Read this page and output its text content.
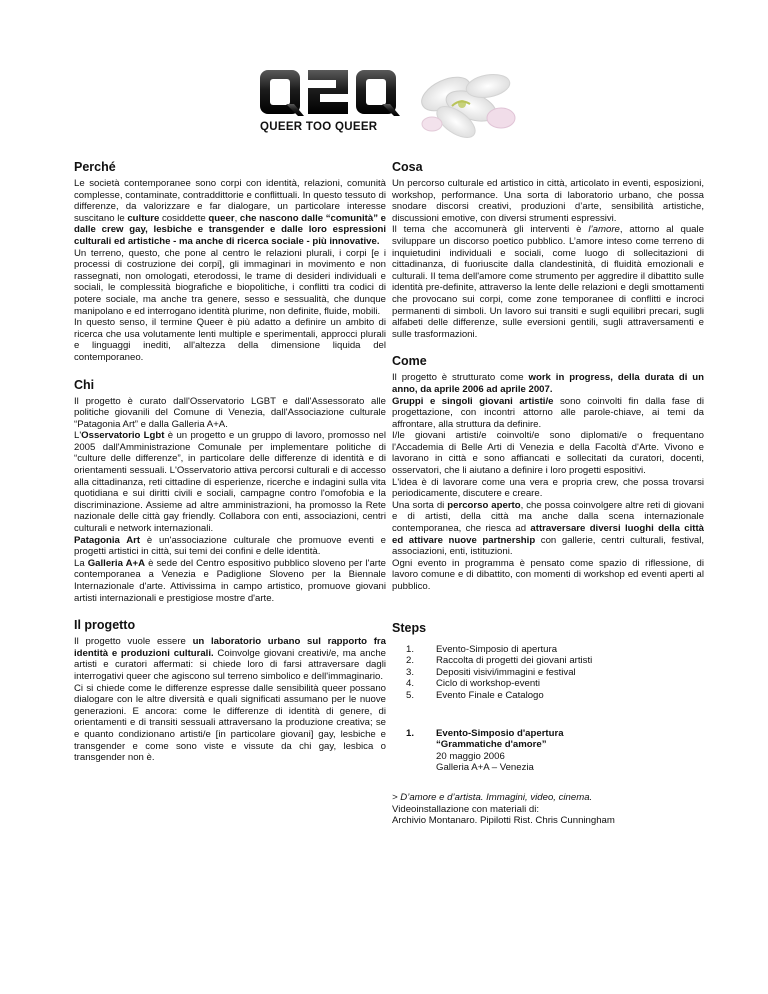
QUEER TOO QUEER
Perché

Le società contemporanee sono corpi con identità, relazioni, comunità complesse, contaminate, contraddittorie e conflittuali. In questo tessuto di differenze, da valorizzare e far dialogare, un particolare interesse suscitano le culture cosiddette queer, che nascono dalle “comunità” e dalle crew gay, lesbiche e transgender e dalle loro espressioni culturali ed artistiche - ma anche di ricerca sociale - più innovative.

Un terreno, questo, che pone al centro le relazioni plurali, i corpi [e i processi di costruzione dei corpi], gli immaginari in movimento e non rassegnati, non omologati, eterodossi, le trame di desideri individuali e sociali, le complessità biografiche e biopolitiche, i conflitti tra codici di potere sociale, ma anche tra genere, sesso e sessualità, che dunque manipolano e ed interrogano identità plurime, non definite, fluide, mobili.

In questo senso, il termine Queer è più adatto a definire un ambito di ricerca che usa volutamente lenti multiple e sperimentali, approcci plurali e linguaggi inediti, all'altezza della dimensione liquida del contemporaneo.

Chi

Il progetto è curato dall'Osservatorio LGBT e dall'Assessorato alle politiche giovanili del Comune di Venezia, dall'Associazione culturale “Patagonia Art” e dalla Galleria A+A.

L'Osservatorio Lgbt è un progetto e un gruppo di lavoro, promosso nel 2005 dall'Amministrazione Comunale per implementare politiche di “culture delle differenze”, in particolare delle differenze di identità e di orientamenti sessuali. L'Osservatorio attiva percorsi culturali e di accesso alla cittadinanza, reti cittadine di esperienze, ricerche e indagini sulla vita quotidiana e sui diritti civili e sociali, campagne contro l'omofobia e la discriminazione. Assieme ad altre amministrazioni, ha promosso la Rete nazionale delle città gay friendly. Collabora con enti, associazioni, centri culturali e network internazionali.

Patagonia Art è un'associazione culturale che promuove eventi e progetti artistici in città, sui temi dei confini e delle identità.

La Galleria A+A è sede del Centro espositivo pubblico sloveno per l'arte contemporanea a Venezia e Padiglione Sloveno per la Biennale Internazionale d'arte. Attivissima in campo artistico, promuove giovani artisti internazionali e prestigiose mostre d'arte.

Il progetto

Il progetto vuole essere un laboratorio urbano sul rapporto fra identità e produzioni culturali. Coinvolge giovani creativi/e, ma anche artisti e curatori affermati: si chiede loro di farsi attraversare dagli interrogativi queer che agiscono sul terreno simbolico e dell'immaginario.

Ci si chiede come le differenze espresse dalle sensibilità queer possano dialogare con le altre diversità e quali significati assumano per le nuove generazioni. E ancora: come le differenze di identità di genere, di orientamenti e di transiti sessuali attraversano la produzione creativa; se e quanto condizionano artisti/e [in particolare giovani] gay, lesbiche e transgender e come sono viste e vissute da chi gay, lesbica o transgender non è.

Cosa

Un percorso culturale ed artistico in città, articolato in eventi, esposizioni, workshop, performance. Una sorta di laboratorio urbano, che possa snodare discorsi creativi, produzioni d’arte, sensibilità artistiche, discussioni emotive, con diversi strumenti espressivi.

Il tema che accomunerà gli interventi è l’amore, attorno al quale sviluppare un discorso poetico pubblico. L’amore inteso come terreno di inquietudini individuali e sociali, come luogo di sollecitazioni di cittadinanza, di fuoriuscite dalla clandestinità, di fluidità emozionali e culturali. Il tema dell'amore come strumento per aggredire il dibattito sulle identità pre-definite, attraverso la lente delle relazioni e degli smottamenti che provocano sui corpi, come zone temporanee di conflitti e incroci permanenti di simboli. Un lavoro sui transiti e sugli equilibri precari, sugli alfabeti delle differenze, sulle eversioni gentili, sugli attraversamenti e sulle trasformazioni.

Come

Il progetto è strutturato come work in progress, della durata di un anno, da aprile 2006 ad aprile 2007.

Gruppi e singoli giovani artisti/e sono coinvolti fin dalla fase di progettazione, con incontri attorno alle parole-chiave, ai temi da affrontare, alla struttura da definire.

I/le giovani artisti/e coinvolti/e sono diplomati/e o frequentano l'Accademia di Belle Arti di Venezia e della Facoltà d'Arte. Vivono e lavorano in città e sono affiancati e sollecitati da curatori, docenti, osservatori, che li aiutano a definire i loro progetti espositivi.

L'idea è di lavorare come una vera e propria crew, che possa trovarsi periodicamente, discutere e creare.

Una sorta di percorso aperto, che possa coinvolgere altre reti di giovani e di artisti, della città ma anche dalla scena internazionale contemporanea, che riesca ad attraversare diversi luoghi della città ed attivare nuove partnership con gallerie, centri culturali, festival, associazioni, enti, istituzioni.

Ogni evento in programma è pensato come spazio di riflessione, di lavoro comune e di dibattito, con momenti di workshop ed eventi aperti al pubblico.

Steps
1.	Evento-Simposio di apertura
2.	Raccolta di progetti dei giovani artisti
3.	Depositi visivi/immagini e festival
4.	Ciclo di workshop-eventi
5.	Evento Finale e Catalogo
1.	Evento-Simposio d'apertura

“Grammatiche d'amore”

20 maggio 2006

Galleria A+A – Venezia

> D’amore e d’artista. Immagini, video, cinema.

Videoinstallazione con materiali di:

Archivio Montanaro. Pipilotti Rist. Chris Cunningham
